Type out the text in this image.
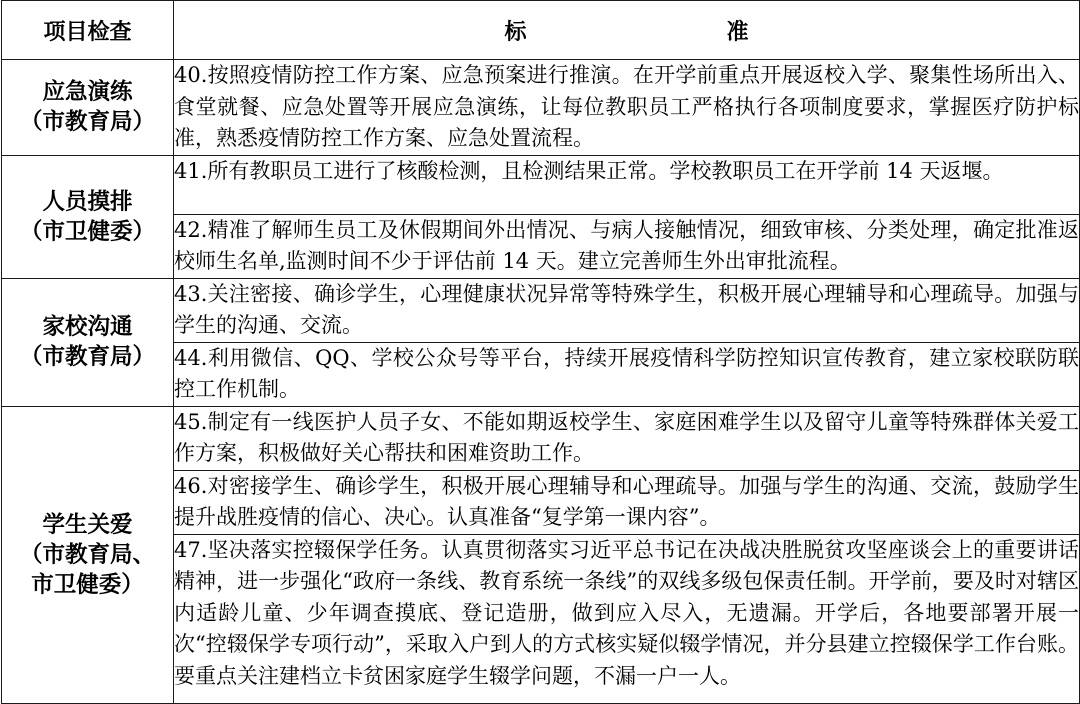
项目检查	标 准

应急演练
（市教育局）	40.按照疫情防控工作方案、应急预案进行推演。在开学前重点开展返校入学、聚集性场所出入、食堂就餐、应急处置等开展应急演练，让每位教职员工严格执行各项制度要求，掌握医疗防护标准，熟悉疫情防控工作方案、应急处置流程。

人员摸排
（市卫健委）	41.所有教职员工进行了核酸检测，且检测结果正常。学校教职员工在开学前 14 天返堰。
	42.精准了解师生员工及休假期间外出情况、与病人接触情况，细致审核、分类处理，确定批准返校师生名单,监测时间不少于评估前 14 天。建立完善师生外出审批流程。

家校沟通
（市教育局）	43.关注密接、确诊学生，心理健康状况异常等特殊学生，积极开展心理辅导和心理疏导。加强与学生的沟通、交流。
	44.利用微信、QQ、学校公众号等平台，持续开展疫情科学防控知识宣传教育，建立家校联防联控工作机制。

学生关爱
（市教育局、
市卫健委）	45.制定有一线医护人员子女、不能如期返校学生、家庭困难学生以及留守儿童等特殊群体关爱工作方案，积极做好关心帮扶和困难资助工作。
	46.对密接学生、确诊学生，积极开展心理辅导和心理疏导。加强与学生的沟通、交流，鼓励学生提升战胜疫情的信心、决心。认真准备“复学第一课内容”。
	47.坚决落实控辍保学任务。认真贯彻落实习近平总书记在决战决胜脱贫攻坚座谈会上的重要讲话精神，进一步强化“政府一条线、教育系统一条线”的双线多级包保责任制。开学前，要及时对辖区内适龄儿童、少年调查摸底、登记造册，做到应入尽入，无遗漏。开学后，各地要部署开展一次“控辍保学专项行动”，采取入户到人的方式核实疑似辍学情况，并分县建立控辍保学工作台账。要重点关注建档立卡贫困家庭学生辍学问题，不漏一户一人。
